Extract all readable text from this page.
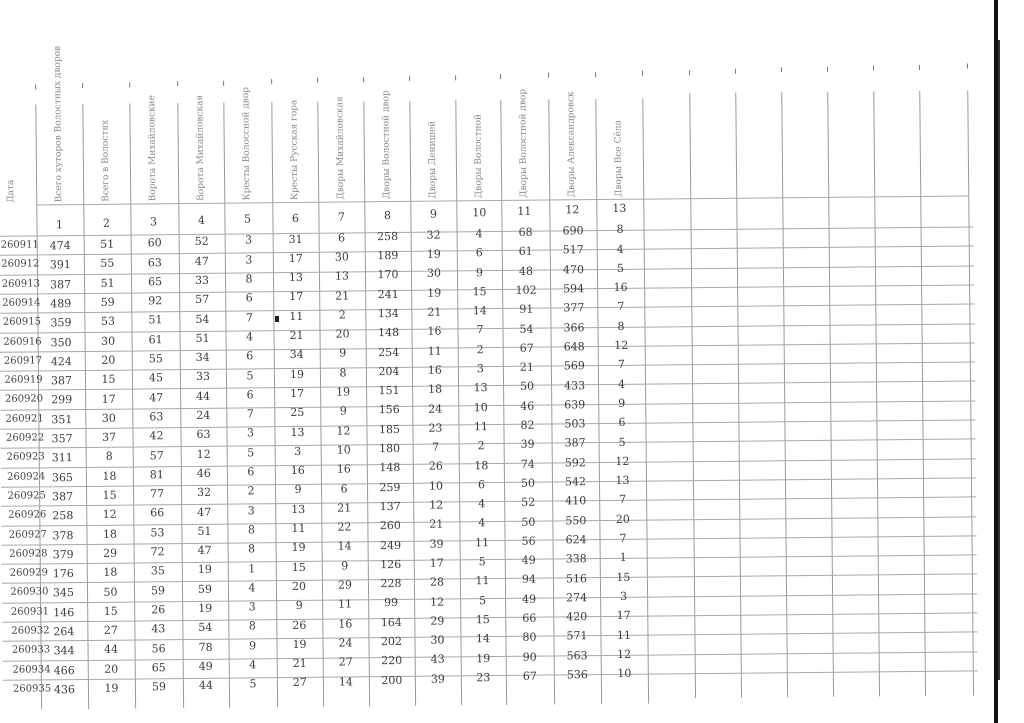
Дата	Всего хуторов Волостных дворов	Всего в Волостях	Ворота Михайловские	Ворота Михайловская	Кресты Волоссной двор	Кресты Русская гора	Дворы Михайловская	Дворы Волостной двор	Дворы Денишей	Дворы Волостной	Дворы Волостной двор	Дворы Александровск	Дворы Все Сёла
1	2	3	4	5	6	7	8	9	10	11	12	13
260911 474	51	60	52	3	31	6	258	32	4	68	690	8
260912 391	55	63	47	3	17	30	189	19	6	61	517	4
260913 387	51	65	33	8	13	13	170	30	9	48	470	5
260914 489	59	92	57	6	17	21	241	19	15	102	594	16
260915 359	53	51	54	7	11	2	134	21	14	91	377	7
260916 350	30	61	51	4	21	20	148	16	7	54	366	8
260917 424	20	55	34	6	34	9	254	11	2	67	648	12
260919 387	15	45	33	5	19	8	204	16	3	21	569	7
260920 299	17	47	44	6	17	19	151	18	13	50	433	4
260921 351	30	63	24	7	25	9	156	24	10	46	639	9
260922 357	37	42	63	3	13	12	185	23	11	82	503	6
260923 311	8	57	12	5	3	10	180	7	2	39	387	5
260924 365	18	81	46	6	16	16	148	26	18	74	592	12
260925 387	15	77	32	2	9	6	259	10	6	50	542	13
260926 258	12	66	47	3	13	21	137	12	4	52	410	7
260927 378	18	53	51	8	11	22	260	21	4	50	550	20
260928 379	29	72	47	8	19	14	249	39	11	56	624	7
260929 176	18	35	19	1	15	9	126	17	5	49	338	1
260930 345	50	59	59	4	20	29	228	28	11	94	516	15
260931 146	15	26	19	3	9	11	99	12	5	49	274	3
260932 264	27	43	54	8	26	16	164	29	15	66	420	17
260933 344	44	56	78	9	19	24	202	30	14	80	571	11
260934 466	20	65	49	4	21	27	220	43	19	90	563	12
260935 436	19	59	44	5	27	14	200	39	23	67	536	10
